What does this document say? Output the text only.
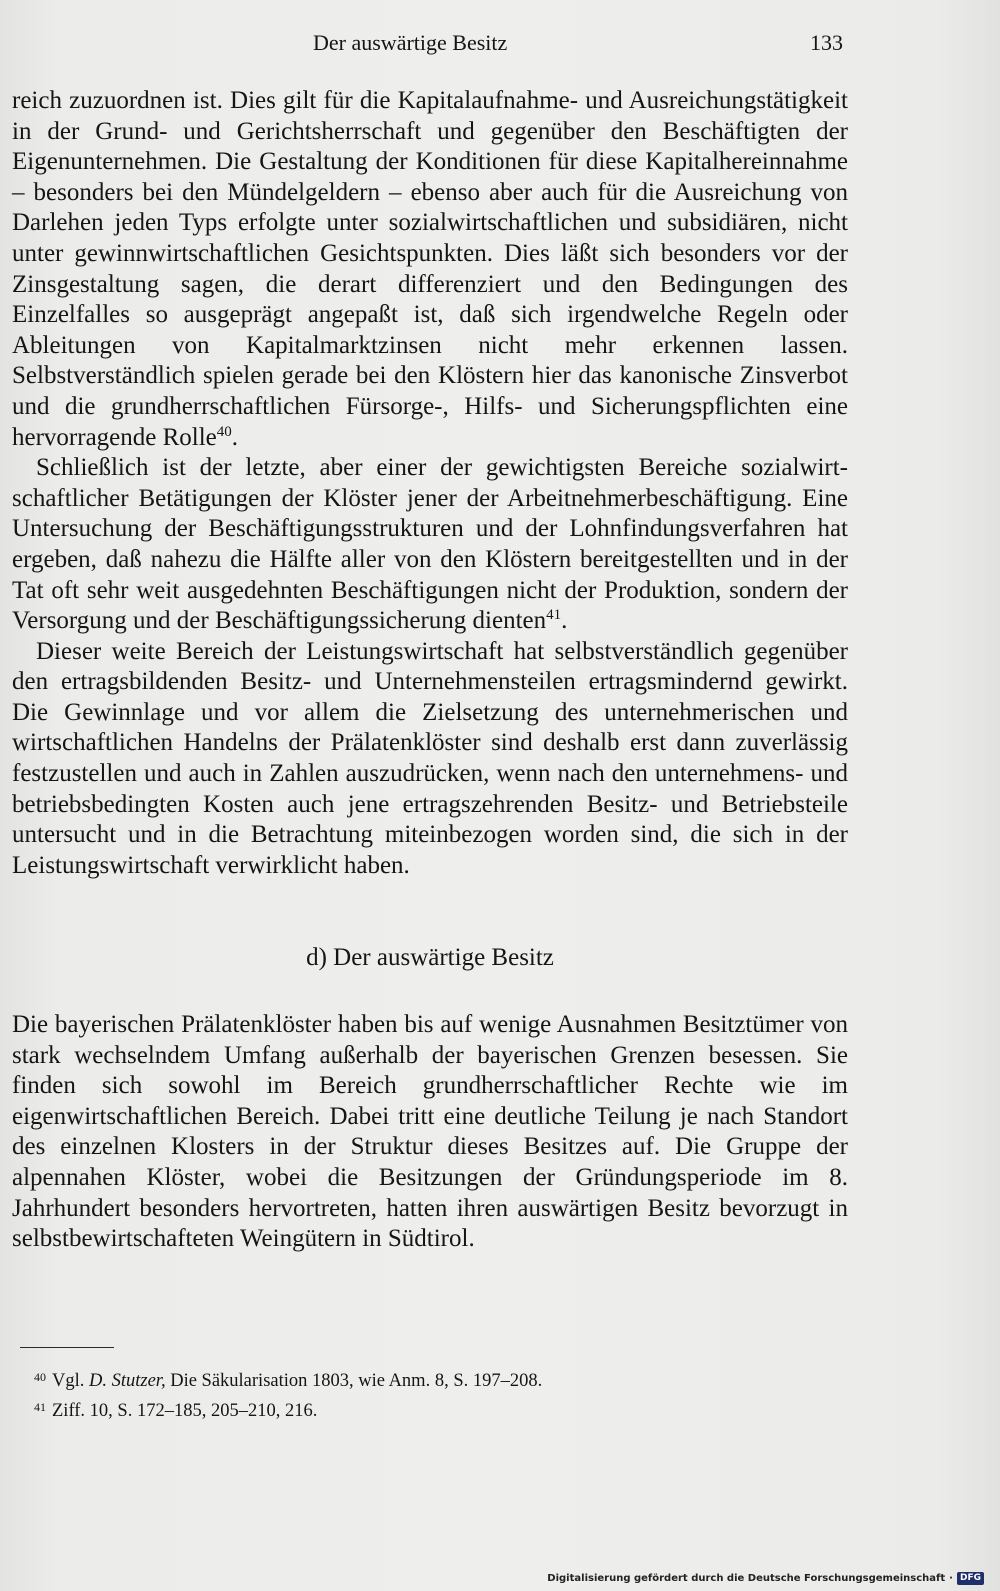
Der auswärtige Besitz	133

reich zuzuordnen ist. Dies gilt für die Kapitalaufnahme- und Ausreichungstätigkeit in der Grund- und Gerichtsherrschaft und gegenüber den Beschäftigten der Eigenunternehmen. Die Gestaltung der Konditionen für diese Kapitalhereinnahme – besonders bei den Mündelgeldern – ebenso aber auch für die Ausreichung von Darlehen jeden Typs erfolgte unter sozialwirtschaftlichen und subsidiären, nicht unter gewinnwirtschaftlichen Gesichtspunkten. Dies läßt sich besonders vor der Zinsgestaltung sagen, die derart differenziert und den Bedingungen des Einzelfalles so ausgeprägt angepaßt ist, daß sich irgendwelche Regeln oder Ableitungen von Kapitalmarktzinsen nicht mehr erkennen lassen. Selbstverständlich spielen gerade bei den Klöstern hier das kanonische Zinsverbot und die grundherrschaftlichen Fürsorge-, Hilfs- und Sicherungspflichten eine hervorragende Rolle$^{40}$.

Schließlich ist der letzte, aber einer der gewichtigsten Bereiche sozialwirtschaftlicher Betätigungen der Klöster jener der Arbeitnehmerbeschäftigung. Eine Untersuchung der Beschäftigungsstrukturen und der Lohnfindungsverfahren hat ergeben, daß nahezu die Hälfte aller von den Klöstern bereitgestellten und in der Tat oft sehr weit ausgedehnten Beschäftigungen nicht der Produktion, sondern der Versorgung und der Beschäftigungssicherung dienten$^{41}$.

Dieser weite Bereich der Leistungswirtschaft hat selbstverständlich gegenüber den ertragsbildenden Besitz- und Unternehmensteilen ertragsmindernd gewirkt. Die Gewinnlage und vor allem die Zielsetzung des unternehmerischen und wirtschaftlichen Handelns der Prälatenklöster sind deshalb erst dann zuverlässig festzustellen und auch in Zahlen auszudrücken, wenn nach den unternehmens- und betriebsbedingten Kosten auch jene ertragszehrenden Besitz- und Betriebsteile untersucht und in die Betrachtung miteinbezogen worden sind, die sich in der Leistungswirtschaft verwirklicht haben.

d) Der auswärtige Besitz

Die bayerischen Prälatenklöster haben bis auf wenige Ausnahmen Besitztümer von stark wechselndem Umfang außerhalb der bayerischen Grenzen besessen. Sie finden sich sowohl im Bereich grundherrschaftlicher Rechte wie im eigenwirtschaftlichen Bereich. Dabei tritt eine deutliche Teilung je nach Standort des einzelnen Klosters in der Struktur dieses Besitzes auf. Die Gruppe der alpennahen Klöster, wobei die Besitzungen der Gründungsperiode im 8. Jahrhundert besonders hervortreten, hatten ihren auswärtigen Besitz bevorzugt in selbstbewirtschafteten Weingütern in Südtirol.

$^{40}$ Vgl. D. Stutzer, Die Säkularisation 1803, wie Anm. 8, S. 197–208.
$^{41}$ Ziff. 10, S. 172–185, 205–210, 216.
Digitalisierung gefördert durch die Deutsche Forschungsgemeinschaft · DFG
